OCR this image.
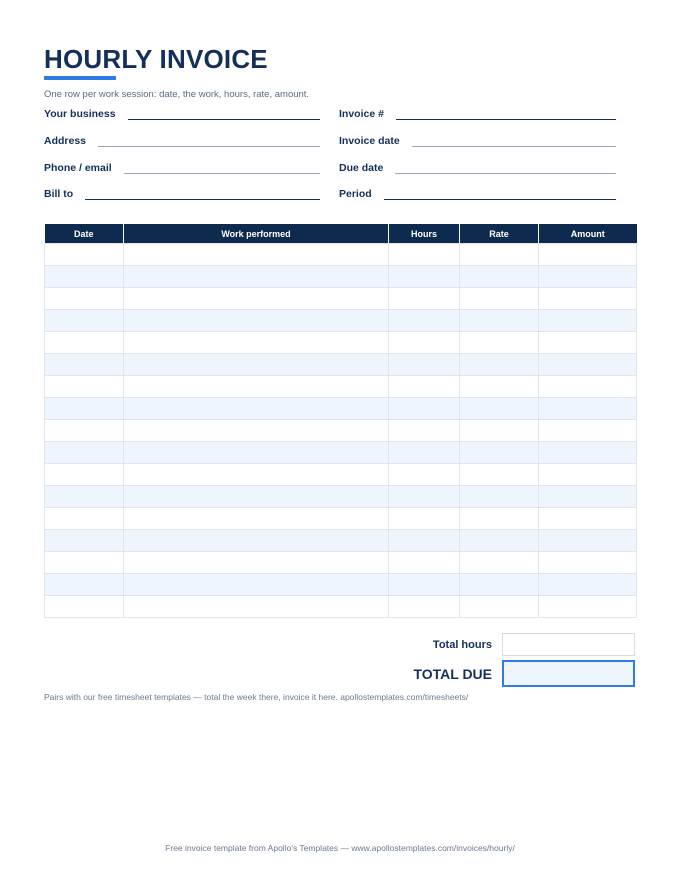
HOURLY INVOICE
One row per work session: date, the work, hours, rate, amount.
Your business
Address
Phone / email
Bill to
Invoice #
Invoice date
Due date
Period
Date	Work performed	Hours	Rate	Amount

Total hours
TOTAL DUE
Pairs with our free timesheet templates — total the week there, invoice it here. apollostemplates.com/timesheets/
Free invoice template from Apollo's Templates — www.apollostemplates.com/invoices/hourly/
